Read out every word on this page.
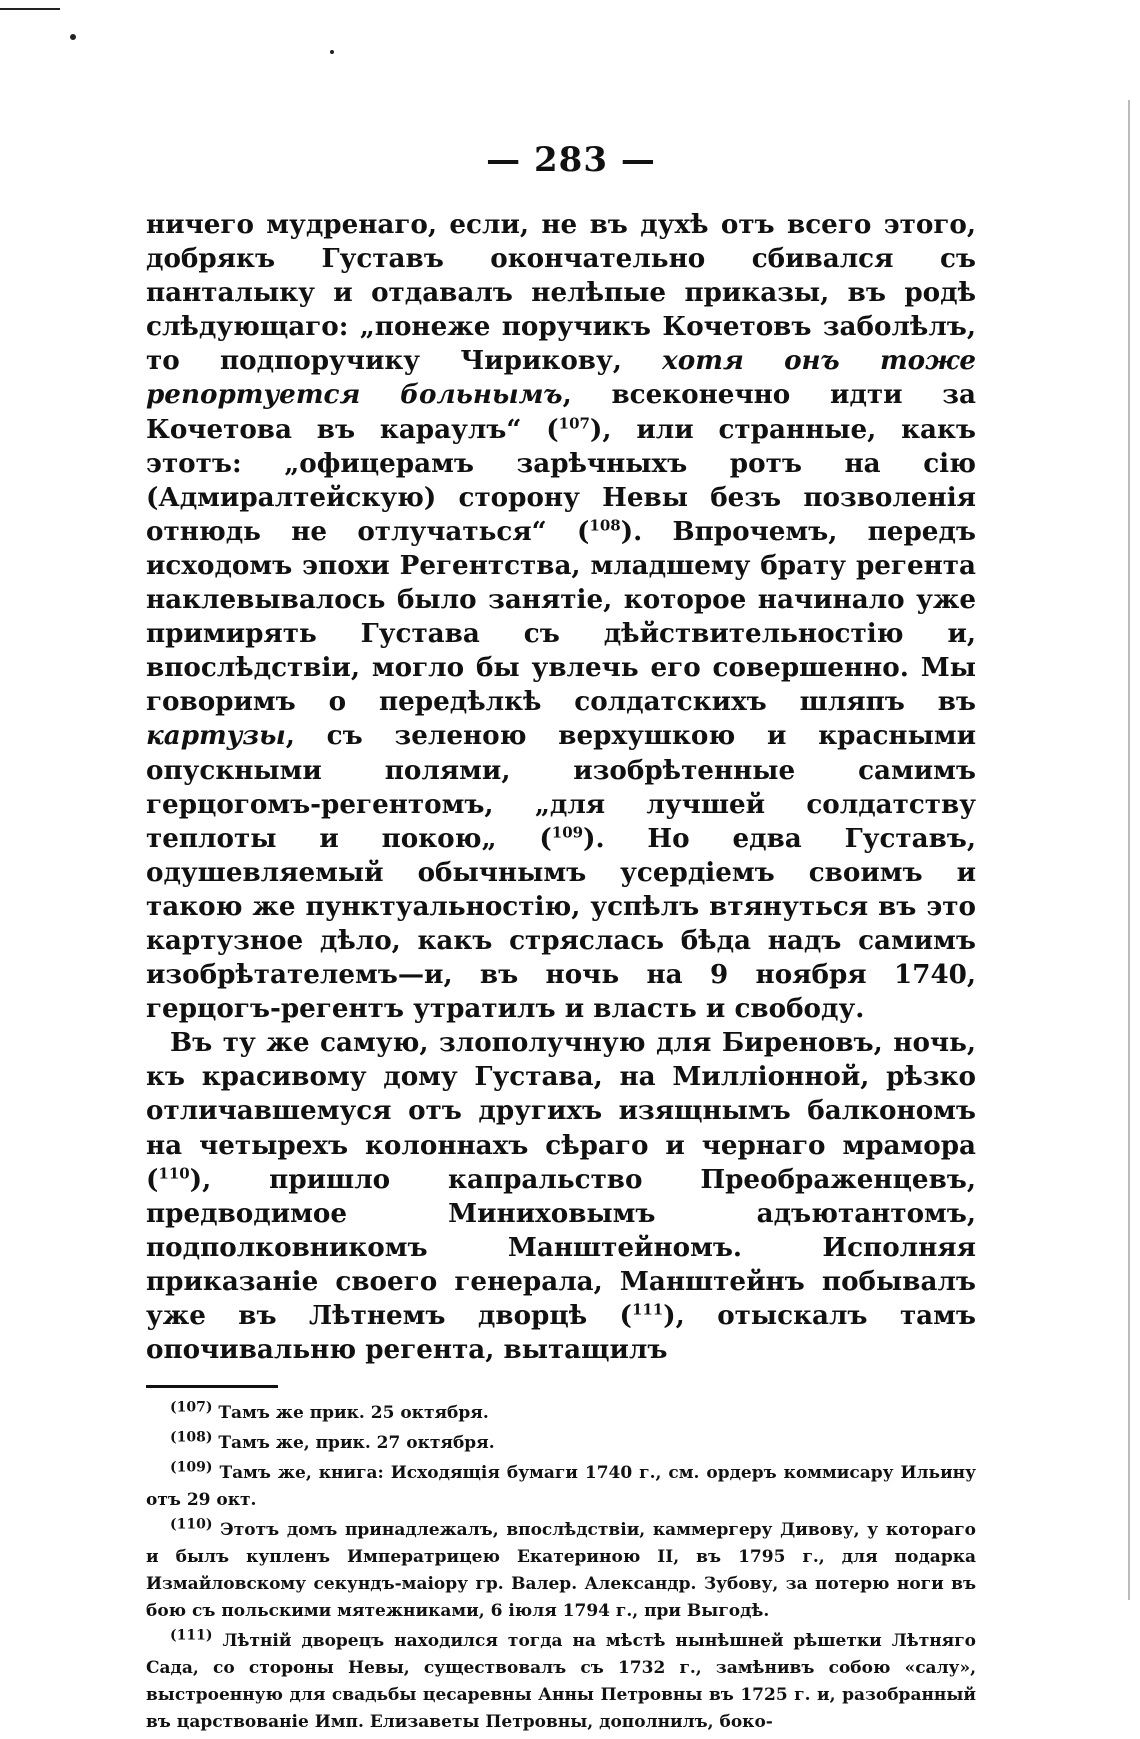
— 283 —

ничего мудренаго, если, не въ духѣ отъ всего этого, добрякъ Густавъ окончательно сбивался съ панталыку и отдавалъ нелѣпые приказы, въ родѣ слѣдующаго: „понеже поручикъ Кочетовъ заболѣлъ, то подпоручику Чирикову, хотя онъ тоже репортуется больнымъ, всеконечно идти за Кочетова въ караулъ“ ($^{107}$), или странные, какъ этотъ: „офицерамъ зарѣчныхъ ротъ на сію (Адмиралтейскую) сторону Невы безъ позволенія отнюдь не отлучаться“ ($^{108}$). Впрочемъ, передъ исходомъ эпохи Регентства, младшему брату регента наклевывалось было занятіе, которое начинало уже примирять Густава съ дѣйствительностію и, впослѣдствіи, могло бы увлечь его совершенно. Мы говоримъ о передѣлкѣ солдатскихъ шляпъ въ картузы, съ зеленою верхушкою и красными опускными полями, изобрѣтенные самимъ герцогомъ-регентомъ, „для лучшей солдатству теплоты и покою„ ($^{109}$). Но едва Густавъ, одушевляемый обычнымъ усердіемъ своимъ и такою же пунктуальностію, успѣлъ втянуться въ это картузное дѣло, какъ стряслась бѣда надъ самимъ изобрѣтателемъ—и, въ ночь на 9 ноября 1740, герцогъ-регентъ утратилъ и власть и свободу.

Въ ту же самую, злополучную для Биреновъ, ночь, къ красивому дому Густава, на Милліонной, рѣзко отличавшемуся отъ другихъ изящнымъ балкономъ на четырехъ колоннахъ сѣраго и чернаго мрамора ($^{110}$), пришло капральство Преображенцевъ, предводимое Миниховымъ адъютантомъ, подполковникомъ Манштейномъ. Исполняя приказаніе своего генерала, Манштейнъ побывалъ уже въ Лѣтнемъ дворцѣ ($^{111}$), отыскалъ тамъ опочивальню регента, вытащилъ

$^{(107)}$ Тамъ же прик. 25 октября.

$^{(108)}$ Тамъ же, прик. 27 октября.

$^{(109)}$ Тамъ же, книга: Исходящія бумаги 1740 г., см. ордеръ коммисару Ильину отъ 29 окт.

$^{(110)}$ Этотъ домъ принадлежалъ, впослѣдствіи, каммергеру Дивову, у котораго и былъ купленъ Императрицею Екатериною II, въ 1795 г., для подарка Измайловскому секундъ-маіору гр. Валер. Александр. Зубову, за потерю ноги въ бою съ польскими мятежниками, 6 іюля 1794 г., при Выгодѣ.

$^{(111)}$ Лѣтній дворецъ находился тогда на мѣстѣ нынѣшней рѣшетки Лѣтняго Сада, со стороны Невы, существовалъ съ 1732 г., замѣнивъ собою «салу», выстроенную для свадьбы цесаревны Анны Петровны въ 1725 г. и, разобранный въ царствованіе Имп. Елизаветы Петровны, дополнилъ, боко-
